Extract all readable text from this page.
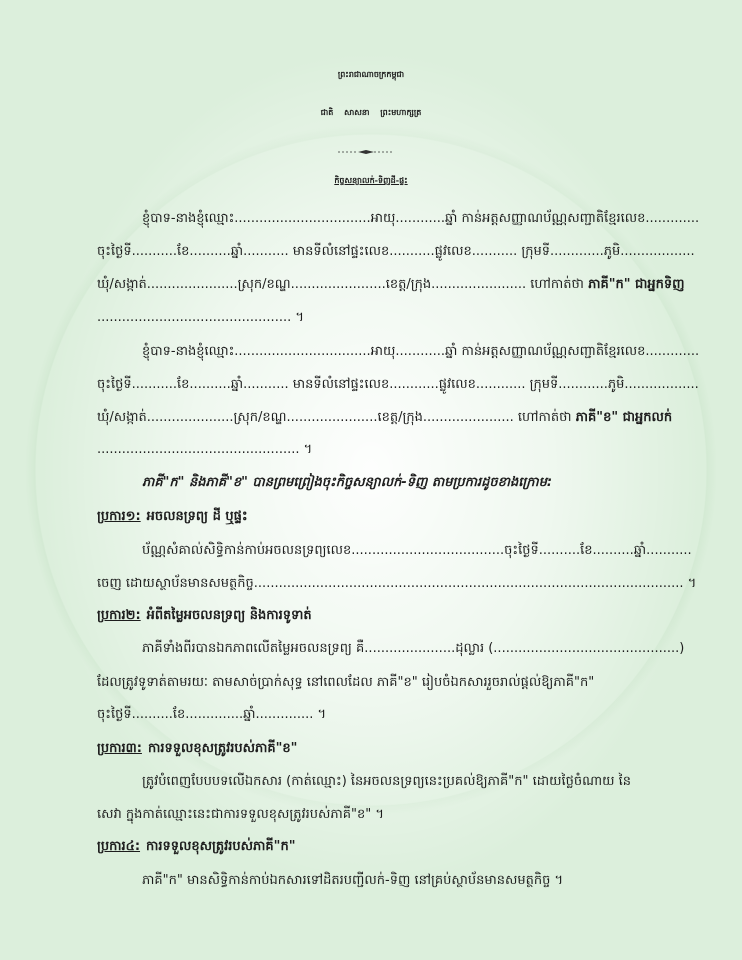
ព្រះរាជាណាចក្រកម្ពុជា
ជាតិ សាសនា ព្រះមហាក្សត្រ
កិច្ចសន្យាលក់-ទិញដី-ផ្ទះ
ខ្ញុំបាទ-នាងខ្ញុំឈ្មោះ.................................អាយុ............ឆ្នាំ កាន់អត្តសញ្ញាណប័ណ្ណសញ្ជាតិខ្មែរលេខ.............
ចុះថ្ងៃទី...........ខែ..........ឆ្នាំ........... មានទីលំនៅផ្ទះលេខ...........ផ្លូវលេខ........... ក្រុមទី.............ភូមិ..................
ឃុំ/សង្កាត់......................ស្រុក/ខណ្ឌ.......................ខេត្ត/ក្រុង....................... ហៅកាត់ថា ភាគី"ក" ជាអ្នកទិញ
............................................... ។
ខ្ញុំបាទ-នាងខ្ញុំឈ្មោះ.................................អាយុ............ឆ្នាំ កាន់អត្តសញ្ញាណប័ណ្ណសញ្ជាតិខ្មែរលេខ.............
ចុះថ្ងៃទី...........ខែ..........ឆ្នាំ........... មានទីលំនៅផ្ទះលេខ............ផ្លូវលេខ............ ក្រុមទី............ភូមិ..................
ឃុំ/សង្កាត់.....................ស្រុក/ខណ្ឌ......................ខេត្ត/ក្រុង...................... ហៅកាត់ថា ភាគី"ខ" ជាអ្នកលក់
................................................. ។
ភាគី"ក" និងភាគី"ខ" បានព្រមព្រៀងចុះកិច្ចសន្យាលក់-ទិញ តាមប្រការដូចខាងក្រោម:
ប្រការ១: អចលនទ្រព្យ ដី ឬផ្ទះ
ប័ណ្ណសំគាល់សិទ្ធិកាន់កាប់អចលនទ្រព្យលេខ.....................................ចុះថ្ងៃទី..........ខែ..........ឆ្នាំ...........
ចេញ ដោយស្ថាប័នមានសមត្ថកិច្ច........................................................................................................ ។
ប្រការ២: អំពីតម្លៃអចលនទ្រព្យ និងការទូទាត់
ភាគីទាំងពីរបានឯកភាពលើតម្លៃអចលនទ្រព្យ គឺ......................ដុល្លារ (.............................................)
ដែលត្រូវទូទាត់តាមរយៈ តាមសាច់ប្រាក់សុទ្ធ នៅពេលដែល ភាគី"ខ" រៀបចំឯកសាររួចរាល់ផ្តល់ឱ្យភាគី"ក"
ចុះថ្ងៃទី..........ខែ..............ឆ្នាំ.............. ។
ប្រការ៣: ការទទួលខុសត្រូវរបស់ភាគី"ខ"
ត្រូវបំពេញបែបបទលើឯកសារ (កាត់ឈ្មោះ) នៃអចលនទ្រព្យនេះប្រគល់ឱ្យភាគី"ក" ដោយថ្លៃចំណាយ នៃ
សេវា ក្នុងកាត់ឈ្មោះនេះជាការទទួលខុសត្រូវរបស់ភាគី"ខ" ។
ប្រការ៤: ការទទួលខុសត្រូវរបស់ភាគី"ក"
ភាគី"ក" មានសិទ្ធិកាន់កាប់ឯកសារទៅដិតរបញ្ជីលក់-ទិញ នៅគ្រប់ស្ថាប័នមានសមត្ថកិច្ច ។
